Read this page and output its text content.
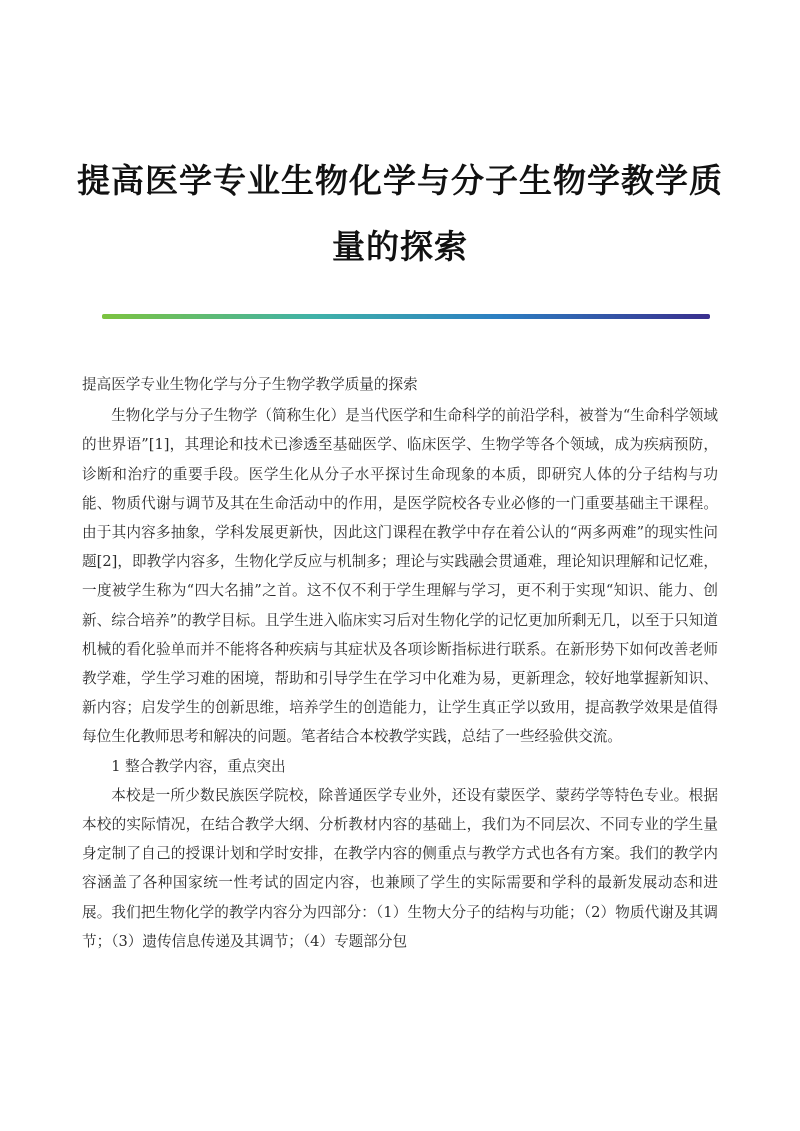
提高医学专业生物化学与分子生物学教学质
量的探索

提高医学专业生物化学与分子生物学教学质量的探索

生物化学与分子生物学（简称生化）是当代医学和生命科学的前沿学科，被誉为“生命科学领域的世界语”[1]，其理论和技术已渗透至基础医学、临床医学、生物学等各个领域，成为疾病预防，诊断和治疗的重要手段。医学生化从分子水平探讨生命现象的本质，即研究人体的分子结构与功能、物质代谢与调节及其在生命活动中的作用，是医学院校各专业必修的一门重要基础主干课程。由于其内容多抽象，学科发展更新快，因此这门课程在教学中存在着公认的“两多两难”的现实性问题[2]，即教学内容多，生物化学反应与机制多；理论与实践融会贯通难，理论知识理解和记忆难，一度被学生称为“四大名捕”之首。这不仅不利于学生理解与学习，更不利于实现“知识、能力、创新、综合培养”的教学目标。且学生进入临床实习后对生物化学的记忆更加所剩无几，以至于只知道机械的看化验单而并不能将各种疾病与其症状及各项诊断指标进行联系。在新形势下如何改善老师教学难，学生学习难的困境，帮助和引导学生在学习中化难为易，更新理念，较好地掌握新知识、新内容；启发学生的创新思维，培养学生的创造能力，让学生真正学以致用，提高教学效果是值得每位生化教师思考和解决的问题。笔者结合本校教学实践，总结了一些经验供交流。

1 整合教学内容，重点突出

本校是一所少数民族医学院校，除普通医学专业外，还设有蒙医学、蒙药学等特色专业。根据本校的实际情况，在结合教学大纲、分析教材内容的基础上，我们为不同层次、不同专业的学生量身定制了自己的授课计划和学时安排，在教学内容的侧重点与教学方式也各有方案。我们的教学内容涵盖了各种国家统一性考试的固定内容，也兼顾了学生的实际需要和学科的最新发展动态和进展。我们把生物化学的教学内容分为四部分：（1）生物大分子的结构与功能；（2）物质代谢及其调节；（3）遗传信息传递及其调节；（4）专题部分包
